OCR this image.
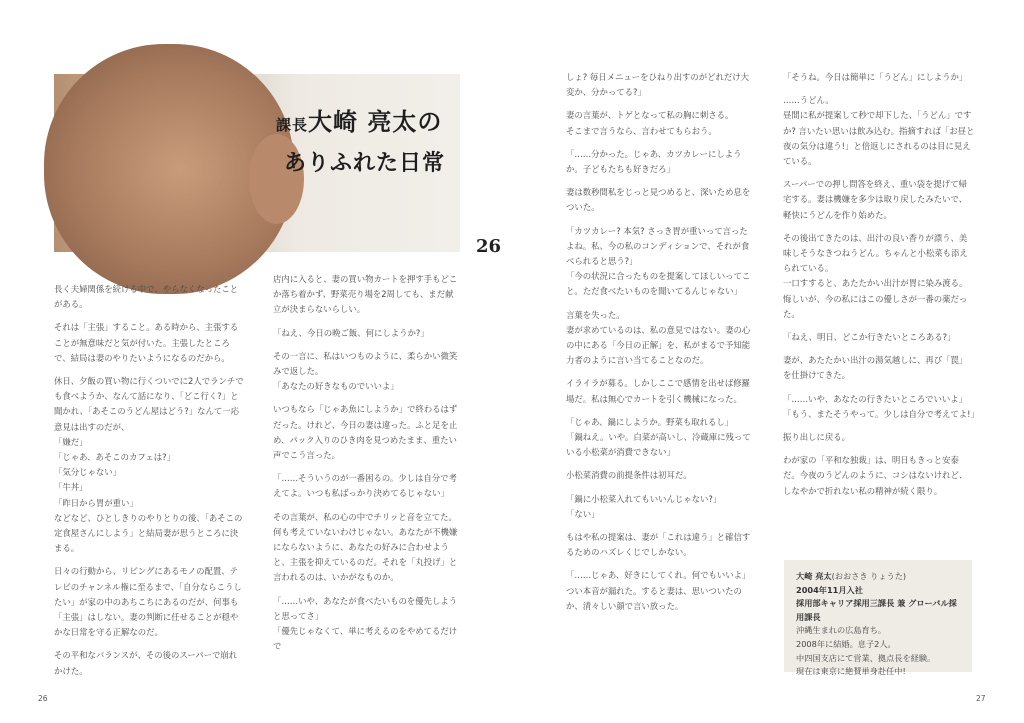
課長大崎 亮太の
ありふれた日常
26

長く夫婦関係を続ける中で、やらなくなったことがある。

それは「主張」すること。ある時から、主張することが無意味だと気が付いた。主張したところで、結局は妻のやりたいようになるのだから。

休日、夕飯の買い物に行くついでに2人でランチでも食べようか、なんて話になり、「どこ行く?」と聞かれ、「あそこのうどん屋はどう?」なんて一応意見は出すのだが、
「嫌だ」
「じゃあ、あそこのカフェは?」
「気分じゃない」
「牛丼」
「昨日から胃が重い」
などなど、ひとしきりのやりとりの後、「あそこの定食屋さんにしよう」と結局妻が思うところに決まる。

日々の行動から、リビングにあるモノの配置、テレビのチャンネル権に至るまで、「自分ならこうしたい」が家の中のあちこちにあるのだが、何事も「主張」はしない。妻の判断に任せることが穏やかな日常を守る正解なのだ。

その平和なバランスが、その後のスーパーで崩れかけた。

店内に入ると、妻の買い物カートを押す手もどこか落ち着かず、野菜売り場を2周しても、まだ献立が決まらないらしい。

「ねえ、今日の晩ご飯、何にしようか?」

その一言に、私はいつものように、柔らかい微笑みで返した。
「あなたの好きなものでいいよ」

いつもなら「じゃあ魚にしようか」で終わるはずだった。けれど、今日の妻は違った。ふと足を止め、パック入りのひき肉を見つめたまま、重たい声でこう言った。

「……そういうのが一番困るの。少しは自分で考えてよ。いつも私ばっかり決めてるじゃない」

その言葉が、私の心の中でチリッと音を立てた。何も考えていないわけじゃない。あなたが不機嫌にならないように、あなたの好みに合わせようと、主張を抑えているのだ。それを「丸投げ」と言われるのは、いかがなものか。

「……いや、あなたが食べたいものを優先しようと思ってさ」
「優先じゃなくて、単に考えるのをやめてるだけで

しょ? 毎日メニューをひねり出すのがどれだけ大変か、分かってる?」

妻の言葉が、トゲとなって私の胸に刺さる。
そこまで言うなら、言わせてもらおう。

「……分かった。じゃあ、カツカレーにしようか。子どもたちも好きだろ」

妻は数秒間私をじっと見つめると、深いため息をついた。

「カツカレー? 本気? さっき胃が重いって言ったよね。私、今の私のコンディションで、それが食べられると思う?」
「今の状況に合ったものを提案してほしいってこと。ただ食べたいものを聞いてるんじゃない」

言葉を失った。
妻が求めているのは、私の意見ではない。妻の心の中にある「今日の正解」を、私がまるで予知能力者のように言い当てることなのだ。

イライラが募る。しかしここで感情を出せば修羅場だ。私は無心でカートを引く機械になった。

「じゃあ、鍋にしようか。野菜も取れるし」
「鍋ねえ。いや。白菜が高いし、冷蔵庫に残っている小松菜が消費できない」

小松菜消費の前提条件は初耳だ。

「鍋に小松菜入れてもいいんじゃない?」
「ない」

もはや私の提案は、妻が「これは違う」と確信するためのハズレくじでしかない。

「……じゃあ、好きにしてくれ。何でもいいよ」
つい本音が漏れた。すると妻は、思いついたのか、清々しい顔で言い放った。

「そうね。今日は簡単に「うどん」にしようか」

……うどん。
昼間に私が提案して秒で却下した、「うどん」ですか? 言いたい思いは飲み込む。指摘すれば「お昼と夜の気分は違う!」と倍返しにされるのは目に見えている。

スーパーでの押し問答を終え、重い袋を提げて帰宅する。妻は機嫌を多少は取り戻したみたいで、軽快にうどんを作り始めた。

その後出てきたのは、出汁の良い香りが漂う、美味しそうなきつねうどん。ちゃんと小松菜も添えられている。
一口すすると、あたたかい出汁が胃に染み渡る。悔しいが、今の私にはこの優しさが一番の薬だった。

「ねえ、明日、どこか行きたいところある?」

妻が、あたたかい出汁の湯気越しに、再び「罠」を仕掛けてきた。

「……いや、あなたの行きたいところでいいよ」
「もう、またそうやって。少しは自分で考えてよ!」

振り出しに戻る。

わが家の「平和な独裁」は、明日もきっと安泰だ。今夜のうどんのように、コシはないけれど、しなやかで折れない私の精神が続く限り。

大崎 亮太(おおさき りょうた)
2004年11月入社
採用部キャリア採用三課長 兼 グローバル採用課長
沖縄生まれの広島育ち。
2008年に結婚。息子2人。
中四国支店にて営業、拠点長を経験。
現在は東京に絶賛単身赴任中!
26	27
